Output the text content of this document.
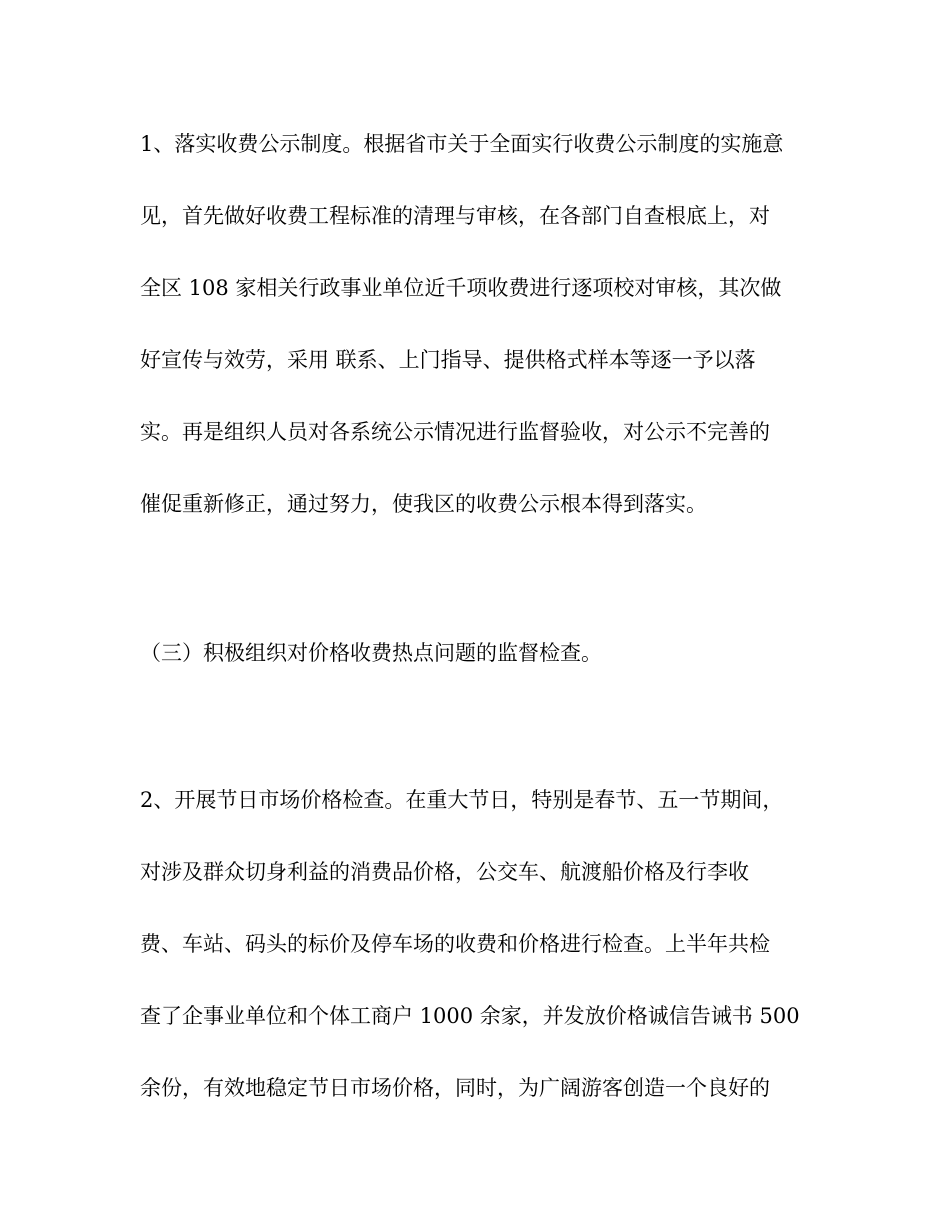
1、落实收费公示制度。根据省市关于全面实行收费公示制度的实施意
见，首先做好收费工程标准的清理与审核，在各部门自查根底上，对
全区 108 家相关行政事业单位近千项收费进行逐项校对审核，其次做
好宣传与效劳，采用 联系、上门指导、提供格式样本等逐一予以落
实。再是组织人员对各系统公示情况进行监督验收，对公示不完善的
催促重新修正，通过努力，使我区的收费公示根本得到落实。
（三）积极组织对价格收费热点问题的监督检查。
2、开展节日市场价格检查。在重大节日，特别是春节、五一节期间，
对涉及群众切身利益的消费品价格，公交车、航渡船价格及行李收
费、车站、码头的标价及停车场的收费和价格进行检查。上半年共检
查了企事业单位和个体工商户 1000 余家，并发放价格诚信告诫书 500
余份，有效地稳定节日市场价格，同时，为广阔游客创造一个良好的
